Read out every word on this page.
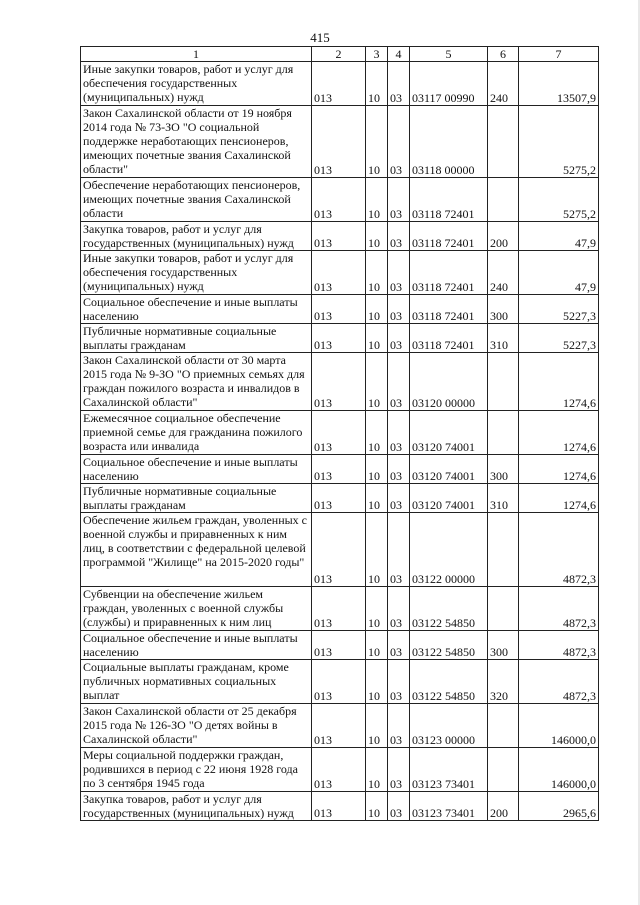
415
1	2	3	4	5	6	7
Иные закупки товаров, работ и услуг для обеспечения государственных (муниципальных) нужд	013	10	03	03117 00990	240	13507,9
Закон Сахалинской области от 19 ноября 2014 года № 73-ЗО "О социальной поддержке неработающих пенсионеров, имеющих почетные звания Сахалинской области"	013	10	03	03118 00000		5275,2
Обеспечение неработающих пенсионеров, имеющих почетные звания Сахалинской области	013	10	03	03118 72401		5275,2
Закупка товаров, работ и услуг для государственных (муниципальных) нужд	013	10	03	03118 72401	200	47,9
Иные закупки товаров, работ и услуг для обеспечения государственных (муниципальных) нужд	013	10	03	03118 72401	240	47,9
Социальное обеспечение и иные выплаты населению	013	10	03	03118 72401	300	5227,3
Публичные нормативные социальные выплаты гражданам	013	10	03	03118 72401	310	5227,3
Закон Сахалинской области от 30 марта 2015 года № 9-ЗО "О приемных семьях для граждан пожилого возраста и инвалидов в Сахалинской области"	013	10	03	03120 00000		1274,6
Ежемесячное социальное обеспечение приемной семье для гражданина пожилого возраста или инвалида	013	10	03	03120 74001		1274,6
Социальное обеспечение и иные выплаты населению	013	10	03	03120 74001	300	1274,6
Публичные нормативные социальные выплаты гражданам	013	10	03	03120 74001	310	1274,6
Обеспечение жильем граждан, уволенных с военной службы и приравненных к ним лиц, в соответствии с федеральной целевой программой "Жилище" на 2015-2020 годы"	013	10	03	03122 00000		4872,3
Субвенции на обеспечение жильем граждан, уволенных с военной службы (службы) и приравненных к ним лиц	013	10	03	03122 54850		4872,3
Социальное обеспечение и иные выплаты населению	013	10	03	03122 54850	300	4872,3
Социальные выплаты гражданам, кроме публичных нормативных социальных выплат	013	10	03	03122 54850	320	4872,3
Закон Сахалинской области от 25 декабря 2015 года № 126-ЗО "О детях войны в Сахалинской области"	013	10	03	03123 00000		146000,0
Меры социальной поддержки граждан, родившихся в период с 22 июня 1928 года по 3 сентября 1945 года	013	10	03	03123 73401		146000,0
Закупка товаров, работ и услуг для государственных (муниципальных) нужд	013	10	03	03123 73401	200	2965,6
